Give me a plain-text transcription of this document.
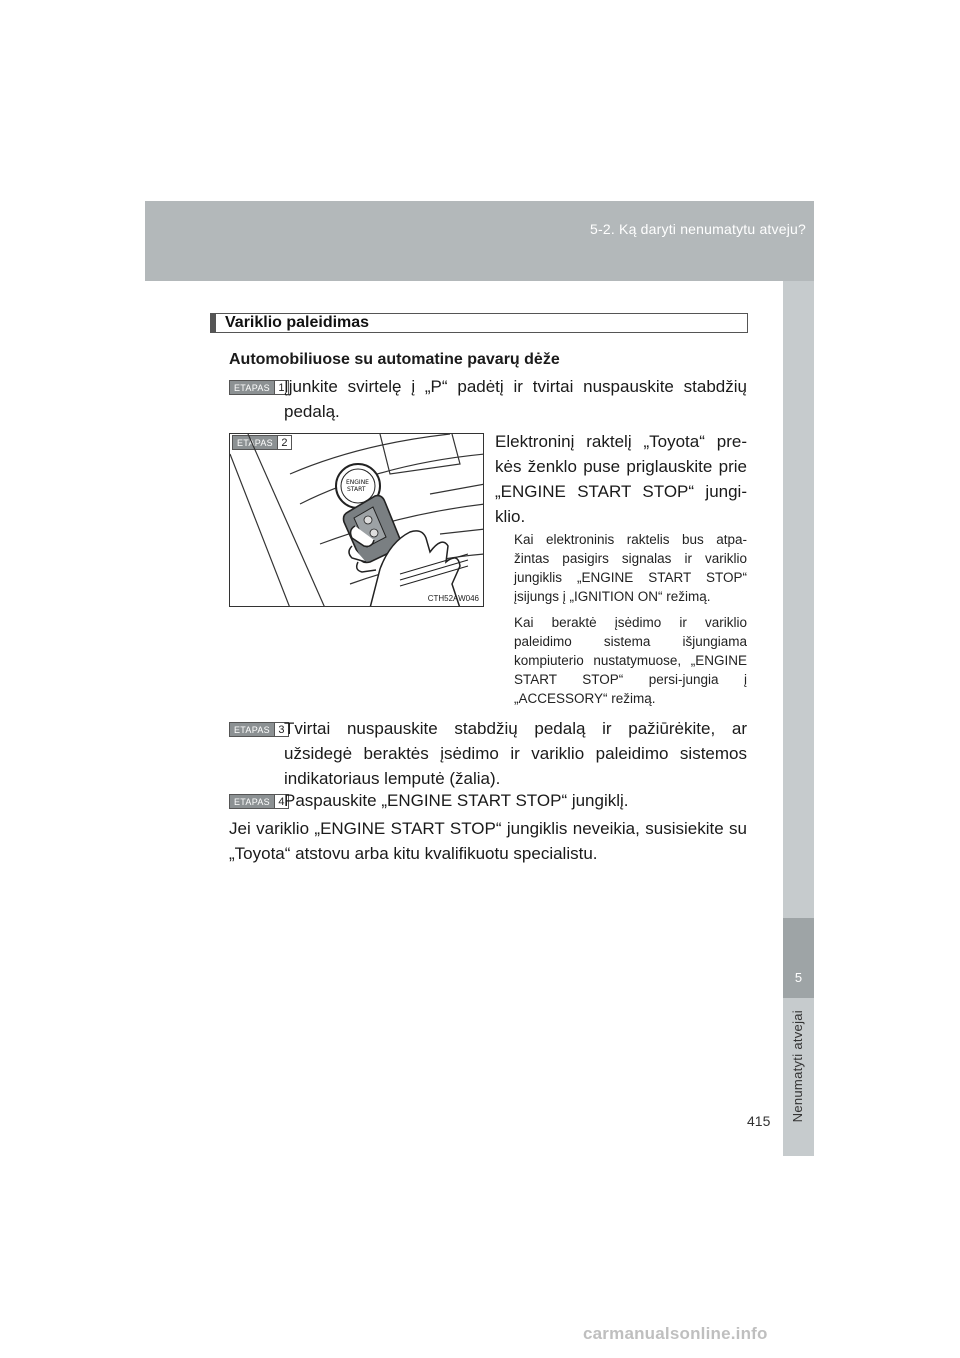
5-2. Ką daryti nenumatytu atveju?
5
Nenumatyti atvejai
Variklio paleidimas
Automobiliuose su automatine pavarų dėže
ETAPAS 1 Įjunkite svirtelę į „P“ padėtį ir tvirtai nuspauskite stabdžių pedalą.
ETAPAS 2
ENGINE
START
CTH52AW046
Elektroninį raktelį „Toyota“ pre-kės ženklo puse priglauskite prie „ENGINE START STOP“ jungi-klio.
Kai elektroninis raktelis bus atpa-žintas pasigirs signalas ir variklio jungiklis „ENGINE START STOP“ įsijungs į „IGNITION ON“ režimą.
Kai beraktė įsėdimo ir variklio paleidimo sistema išjungiama kompiuterio nustatymuose, „ENGINE START STOP“ persi-jungia į „ACCESSORY“ režimą.
ETAPAS 3 Tvirtai nuspauskite stabdžių pedalą ir pažiūrėkite, ar užsidegė beraktės įsėdimo ir variklio paleidimo sistemos indikatoriaus lemputė (žalia).
ETAPAS 4 Paspauskite „ENGINE START STOP“ jungiklį.
Jei variklio „ENGINE START STOP“ jungiklis neveikia, susisiekite su „Toyota“ atstovu arba kitu kvalifikuotu specialistu.
415
carmanualsonline.info
